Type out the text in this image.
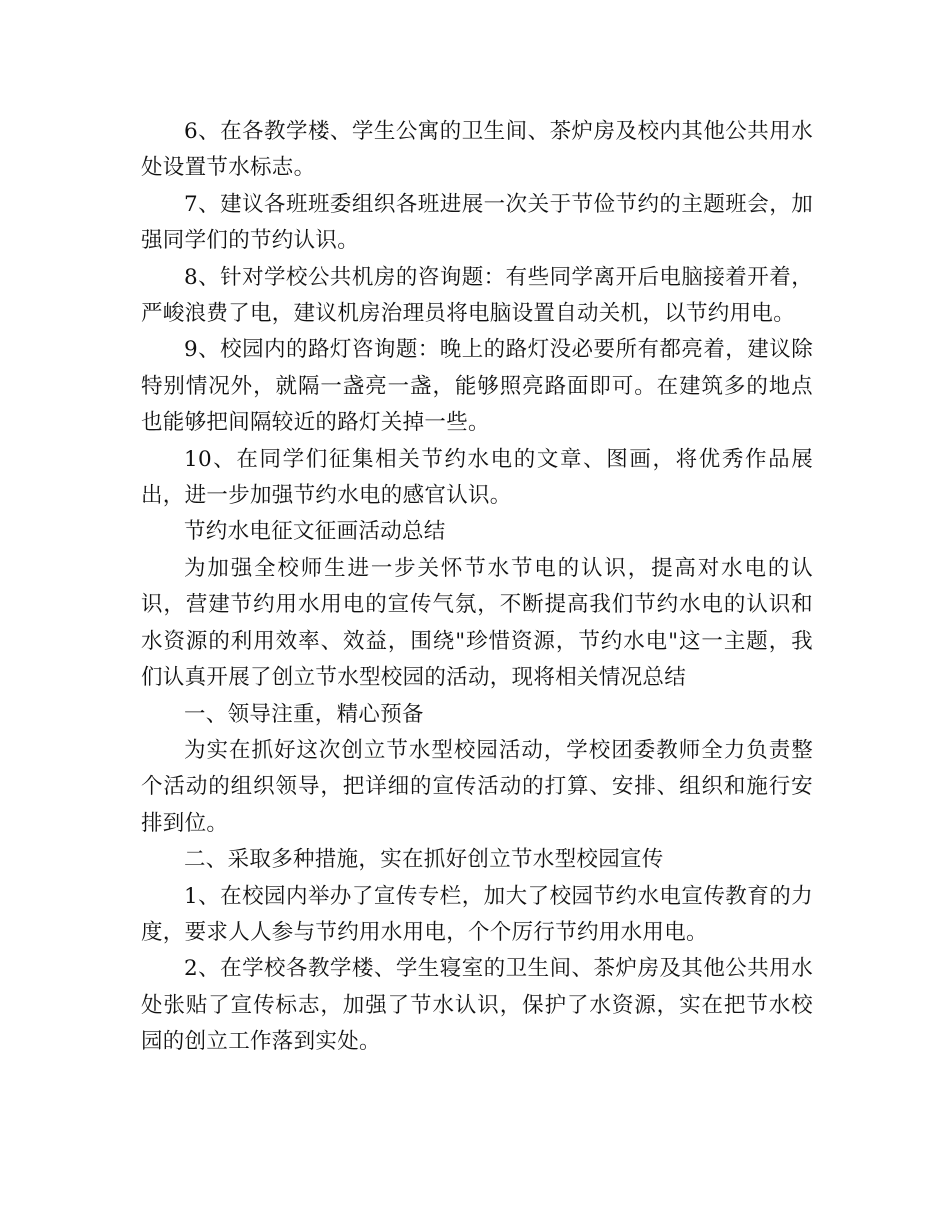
6、在各教学楼、学生公寓的卫生间、茶炉房及校内其他公共用水处设置节水标志。

7、建议各班班委组织各班进展一次关于节俭节约的主题班会，加强同学们的节约认识。

8、针对学校公共机房的咨询题：有些同学离开后电脑接着开着，严峻浪费了电，建议机房治理员将电脑设置自动关机，以节约用电。

9、校园内的路灯咨询题：晚上的路灯没必要所有都亮着，建议除特别情况外，就隔一盏亮一盏，能够照亮路面即可。在建筑多的地点也能够把间隔较近的路灯关掉一些。

10、在同学们征集相关节约水电的文章、图画，将优秀作品展出，进一步加强节约水电的感官认识。

节约水电征文征画活动总结

为加强全校师生进一步关怀节水节电的认识，提高对水电的认识，营建节约用水用电的宣传气氛，不断提高我们节约水电的认识和水资源的利用效率、效益，围绕"珍惜资源，节约水电"这一主题，我们认真开展了创立节水型校园的活动，现将相关情况总结

一、领导注重，精心预备

为实在抓好这次创立节水型校园活动，学校团委教师全力负责整个活动的组织领导，把详细的宣传活动的打算、安排、组织和施行安排到位。

二、采取多种措施，实在抓好创立节水型校园宣传

1、在校园内举办了宣传专栏，加大了校园节约水电宣传教育的力度，要求人人参与节约用水用电，个个厉行节约用水用电。

2、在学校各教学楼、学生寝室的卫生间、茶炉房及其他公共用水处张贴了宣传标志，加强了节水认识，保护了水资源，实在把节水校园的创立工作落到实处。
